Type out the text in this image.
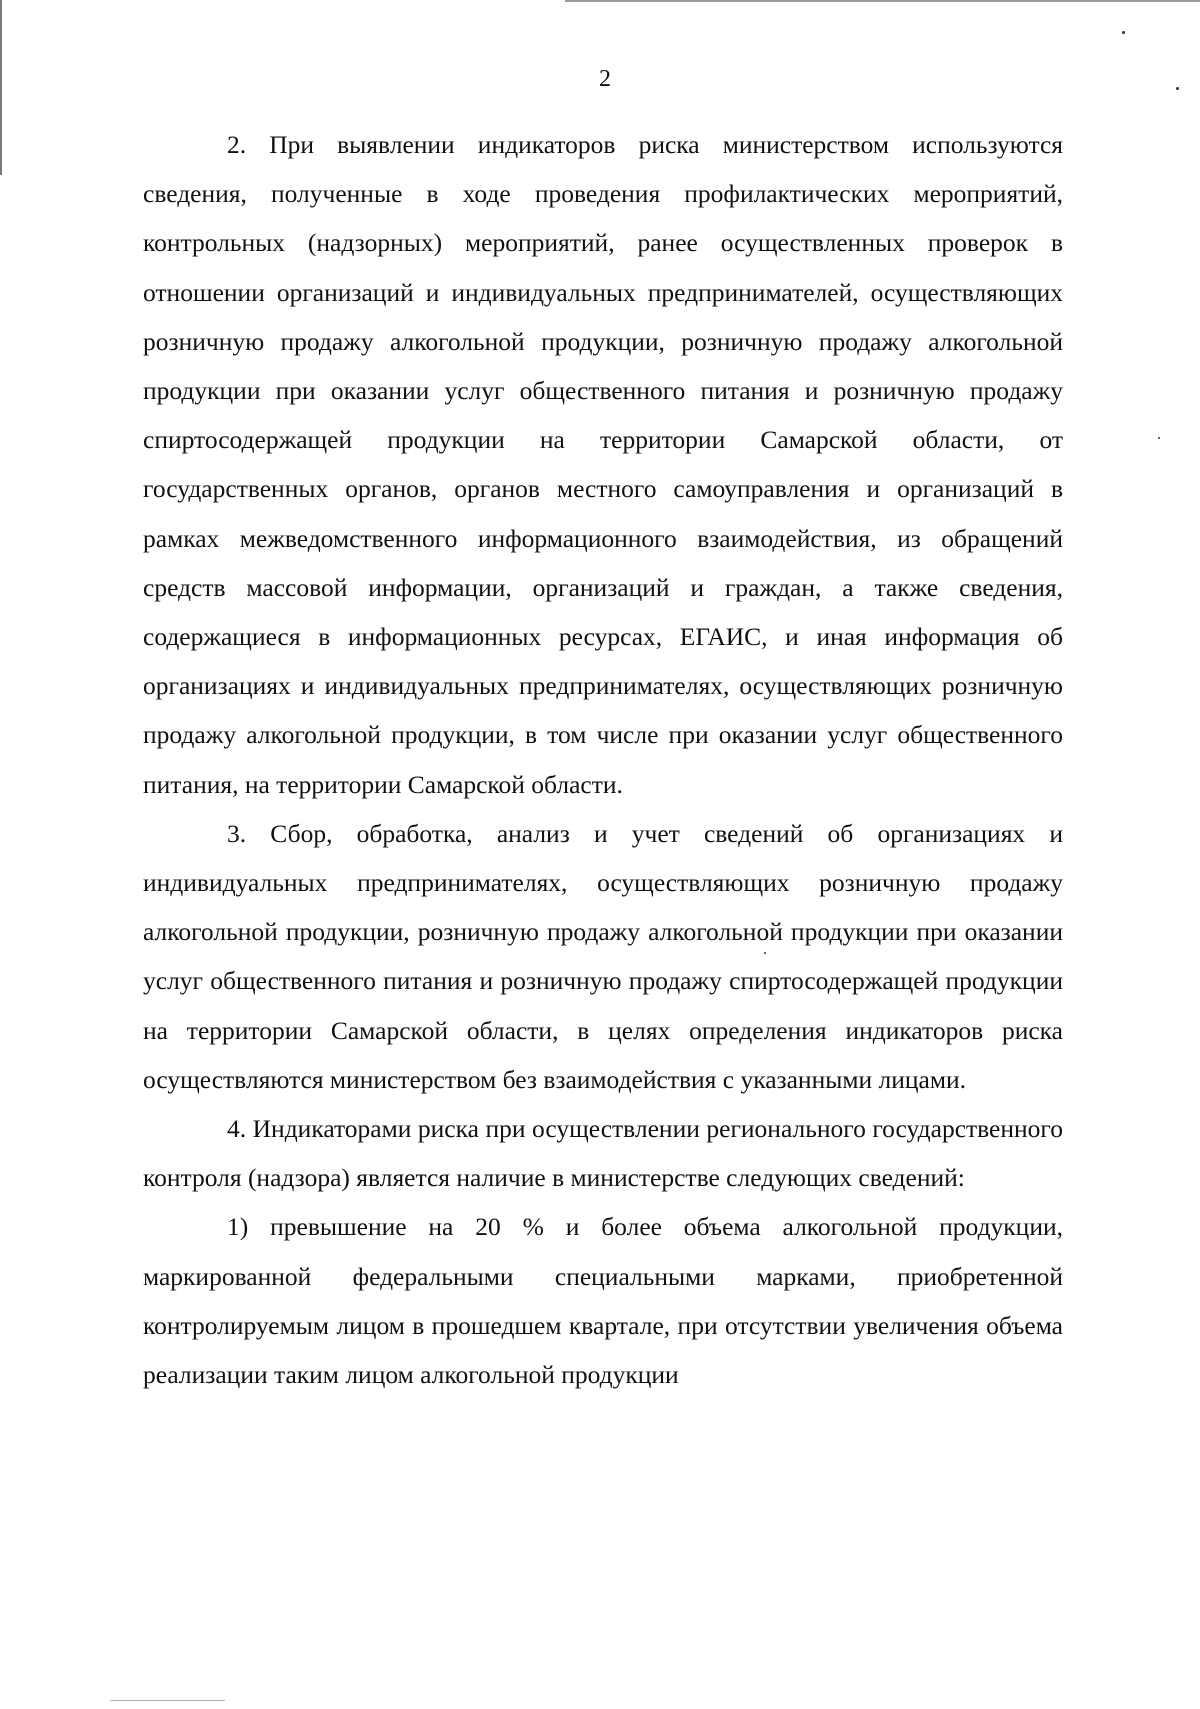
2

2. При выявлении индикаторов риска министерством используются сведения, полученные в ходе проведения профилактических мероприятий, контрольных (надзорных) мероприятий, ранее осуществленных проверок в отношении организаций и индивидуальных предпринимателей, осуществляющих розничную продажу алкогольной продукции, розничную продажу алкогольной продукции при оказании услуг общественного питания и розничную продажу спиртосодержащей продукции на территории Самарской области, от государственных органов, органов местного самоуправления и организаций в рамках межведомственного информационного взаимодействия, из обращений средств массовой информации, организаций и граждан, а также сведения, содержащиеся в информационных ресурсах, ЕГАИС, и иная информация об организациях и индивидуальных предпринимателях, осуществляющих розничную продажу алкогольной продукции, в том числе при оказании услуг общественного питания, на территории Самарской области.

3. Сбор, обработка, анализ и учет сведений об организациях и индивидуальных предпринимателях, осуществляющих розничную продажу алкогольной продукции, розничную продажу алкогольной продукции при оказании услуг общественного питания и розничную продажу спиртосодержащей продукции на территории Самарской области, в целях определения индикаторов риска осуществляются министерством без взаимодействия с указанными лицами.

4. Индикаторами риска при осуществлении регионального государственного контроля (надзора) является наличие в министерстве следующих сведений:

1) превышение на 20 % и более объема алкогольной продукции, маркированной федеральными специальными марками, приобретенной контролируемым лицом в прошедшем квартале, при отсутствии увеличения объема реализации таким лицом алкогольной продукции
